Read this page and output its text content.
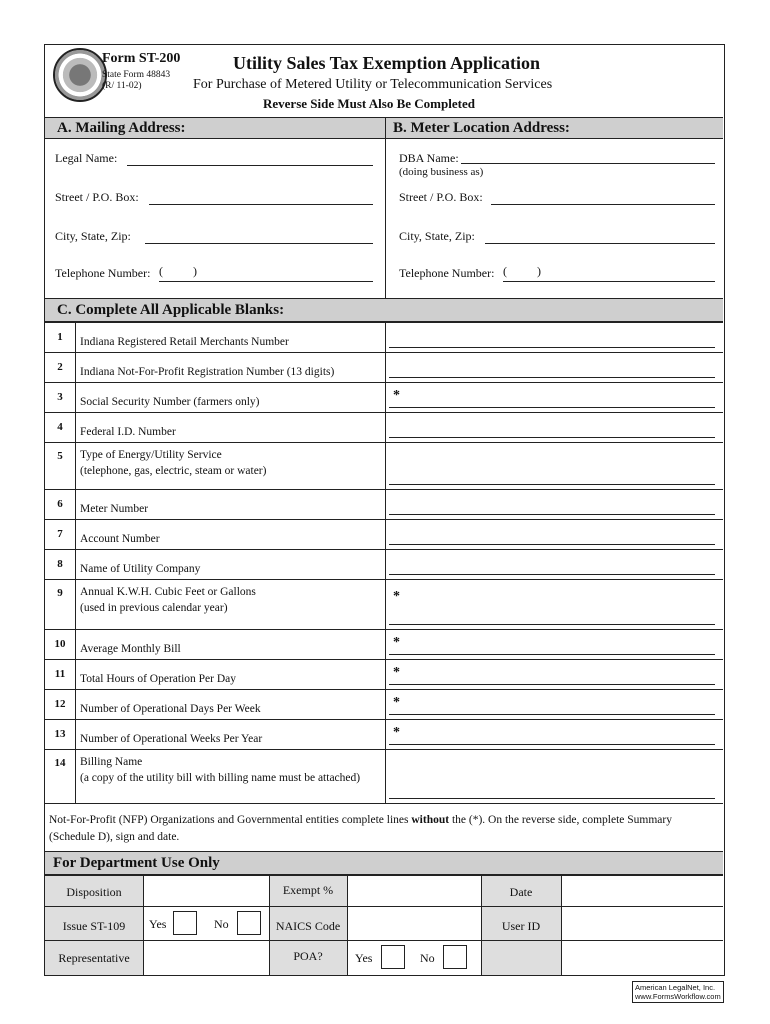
Form ST-200
State Form 48843
(R/ 11-02)
Utility Sales Tax Exemption Application
For Purchase of Metered Utility or Telecommunication Services
Reverse Side Must Also Be Completed
A. Mailing Address:	B. Meter Location Address:
Legal Name:
Street / P.O. Box:
City, State, Zip:
Telephone Number: (          )
DBA Name:
(doing business as)
Street / P.O. Box:
City, State, Zip:
Telephone Number: (          )
C. Complete All Applicable Blanks:
1	Indiana Registered Retail Merchants Number
2	Indiana Not-For-Profit Registration Number (13 digits)
3	Social Security Number (farmers only)	*
4	Federal I.D. Number
5	Type of Energy/Utility Service
(telephone, gas, electric, steam or water)
6	Meter Number
7	Account Number
8	Name of Utility Company
9	Annual K.W.H. Cubic Feet or Gallons
(used in previous calendar year)
*
10	Average Monthly Bill	*
11	Total Hours of Operation Per Day	*
12	Number of Operational Days Per Week	*
13	Number of Operational Weeks Per Year	*
14	Billing Name
(a copy of the utility bill with billing name must be attached)
Not-For-Profit (NFP) Organizations and Governmental entities complete lines without the (*). On the reverse side, complete Summary (Schedule D), sign and date.
For Department Use Only
Disposition	Exempt %	Date
Issue ST-109	Yes	No	NAICS Code	User ID
Representative	POA?	Yes	No
American LegalNet, Inc.
www.FormsWorkflow.com
